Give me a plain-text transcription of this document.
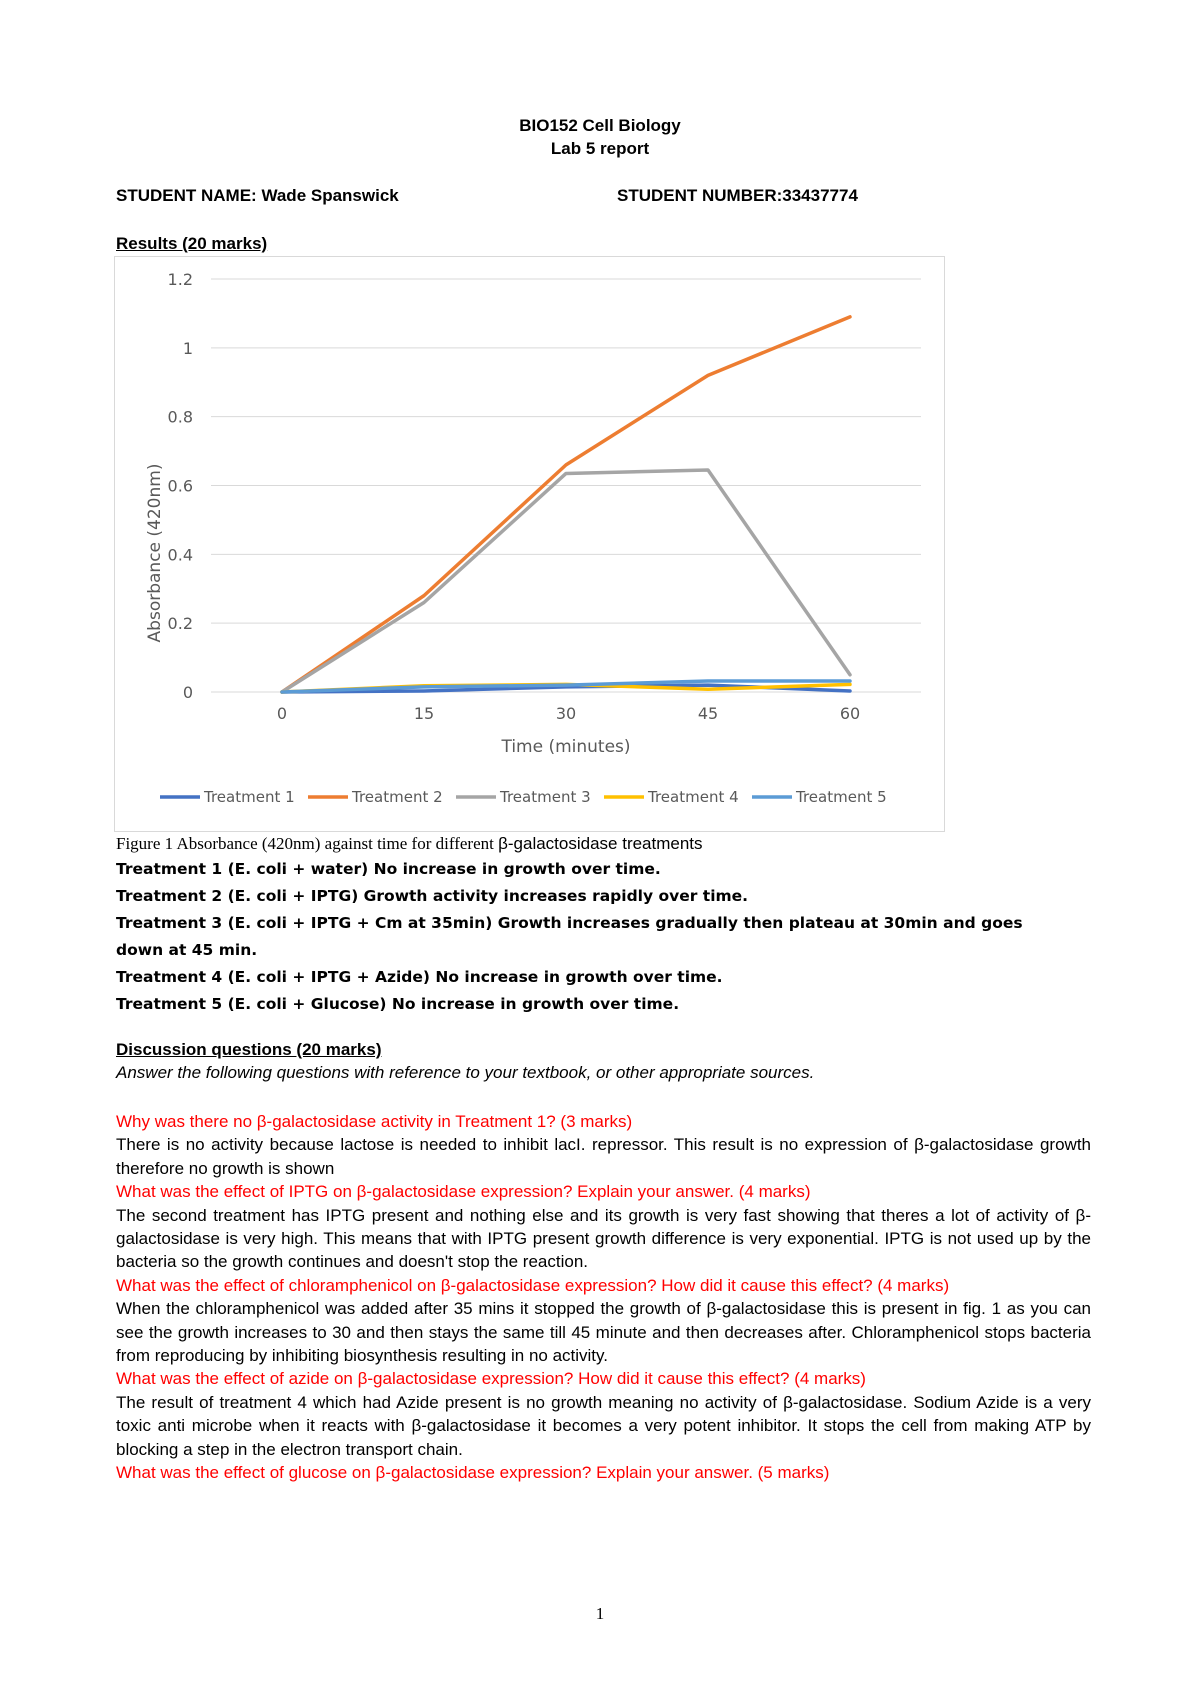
BIO152 Cell Biology
Lab 5 report
STUDENT NAME: Wade Spanswick	STUDENT NUMBER:33437774
Results (20 marks)
0
0.2
0.4
0.6
0.8
1
1.2
0	15	30	45	60
Treatment 1	Treatment 2	Treatment 3	Treatment 4	Treatment 5
Absorbance (420nm)
Time (minutes)
Figure 1 Absorbance (420nm) against time for different β-galactosidase treatments
Treatment 1 (E. coli + water) No increase in growth over time.
Treatment 2 (E. coli + IPTG) Growth activity increases rapidly over time.
Treatment 3 (E. coli + IPTG + Cm at 35min) Growth increases gradually then plateau at 30min and goes
down at 45 min.
Treatment 4 (E. coli + IPTG + Azide) No increase in growth over time.
Treatment 5 (E. coli + Glucose) No increase in growth over time.
Discussion questions (20 marks)
Answer the following questions with reference to your textbook, or other appropriate sources.
Why was there no β-galactosidase activity in Treatment 1? (3 marks)
There is no activity because lactose is needed to inhibit lacI. repressor. This result is no expression of β-galactosidase growth therefore no growth is shown
What was the effect of IPTG on β-galactosidase expression? Explain your answer. (4 marks)
The second treatment has IPTG present and nothing else and its growth is very fast showing that theres a lot of activity of β-galactosidase is very high. This means that with IPTG present growth difference is very exponential. IPTG is not used up by the bacteria so the growth continues and doesn't stop the reaction.
What was the effect of chloramphenicol on β-galactosidase expression? How did it cause this effect? (4 marks)
When the chloramphenicol was added after 35 mins it stopped the growth of β-galactosidase this is present in fig. 1 as you can see the growth increases to 30 and then stays the same till 45 minute and then decreases after. Chloramphenicol stops bacteria from reproducing by inhibiting biosynthesis resulting in no activity.
What was the effect of azide on β-galactosidase expression? How did it cause this effect? (4 marks)
The result of treatment 4 which had Azide present is no growth meaning no activity of β-galactosidase. Sodium Azide is a very toxic anti microbe when it reacts with β-galactosidase it becomes a very potent inhibitor. It stops the cell from making ATP by blocking a step in the electron transport chain.
What was the effect of glucose on β-galactosidase expression? Explain your answer. (5 marks)
1
